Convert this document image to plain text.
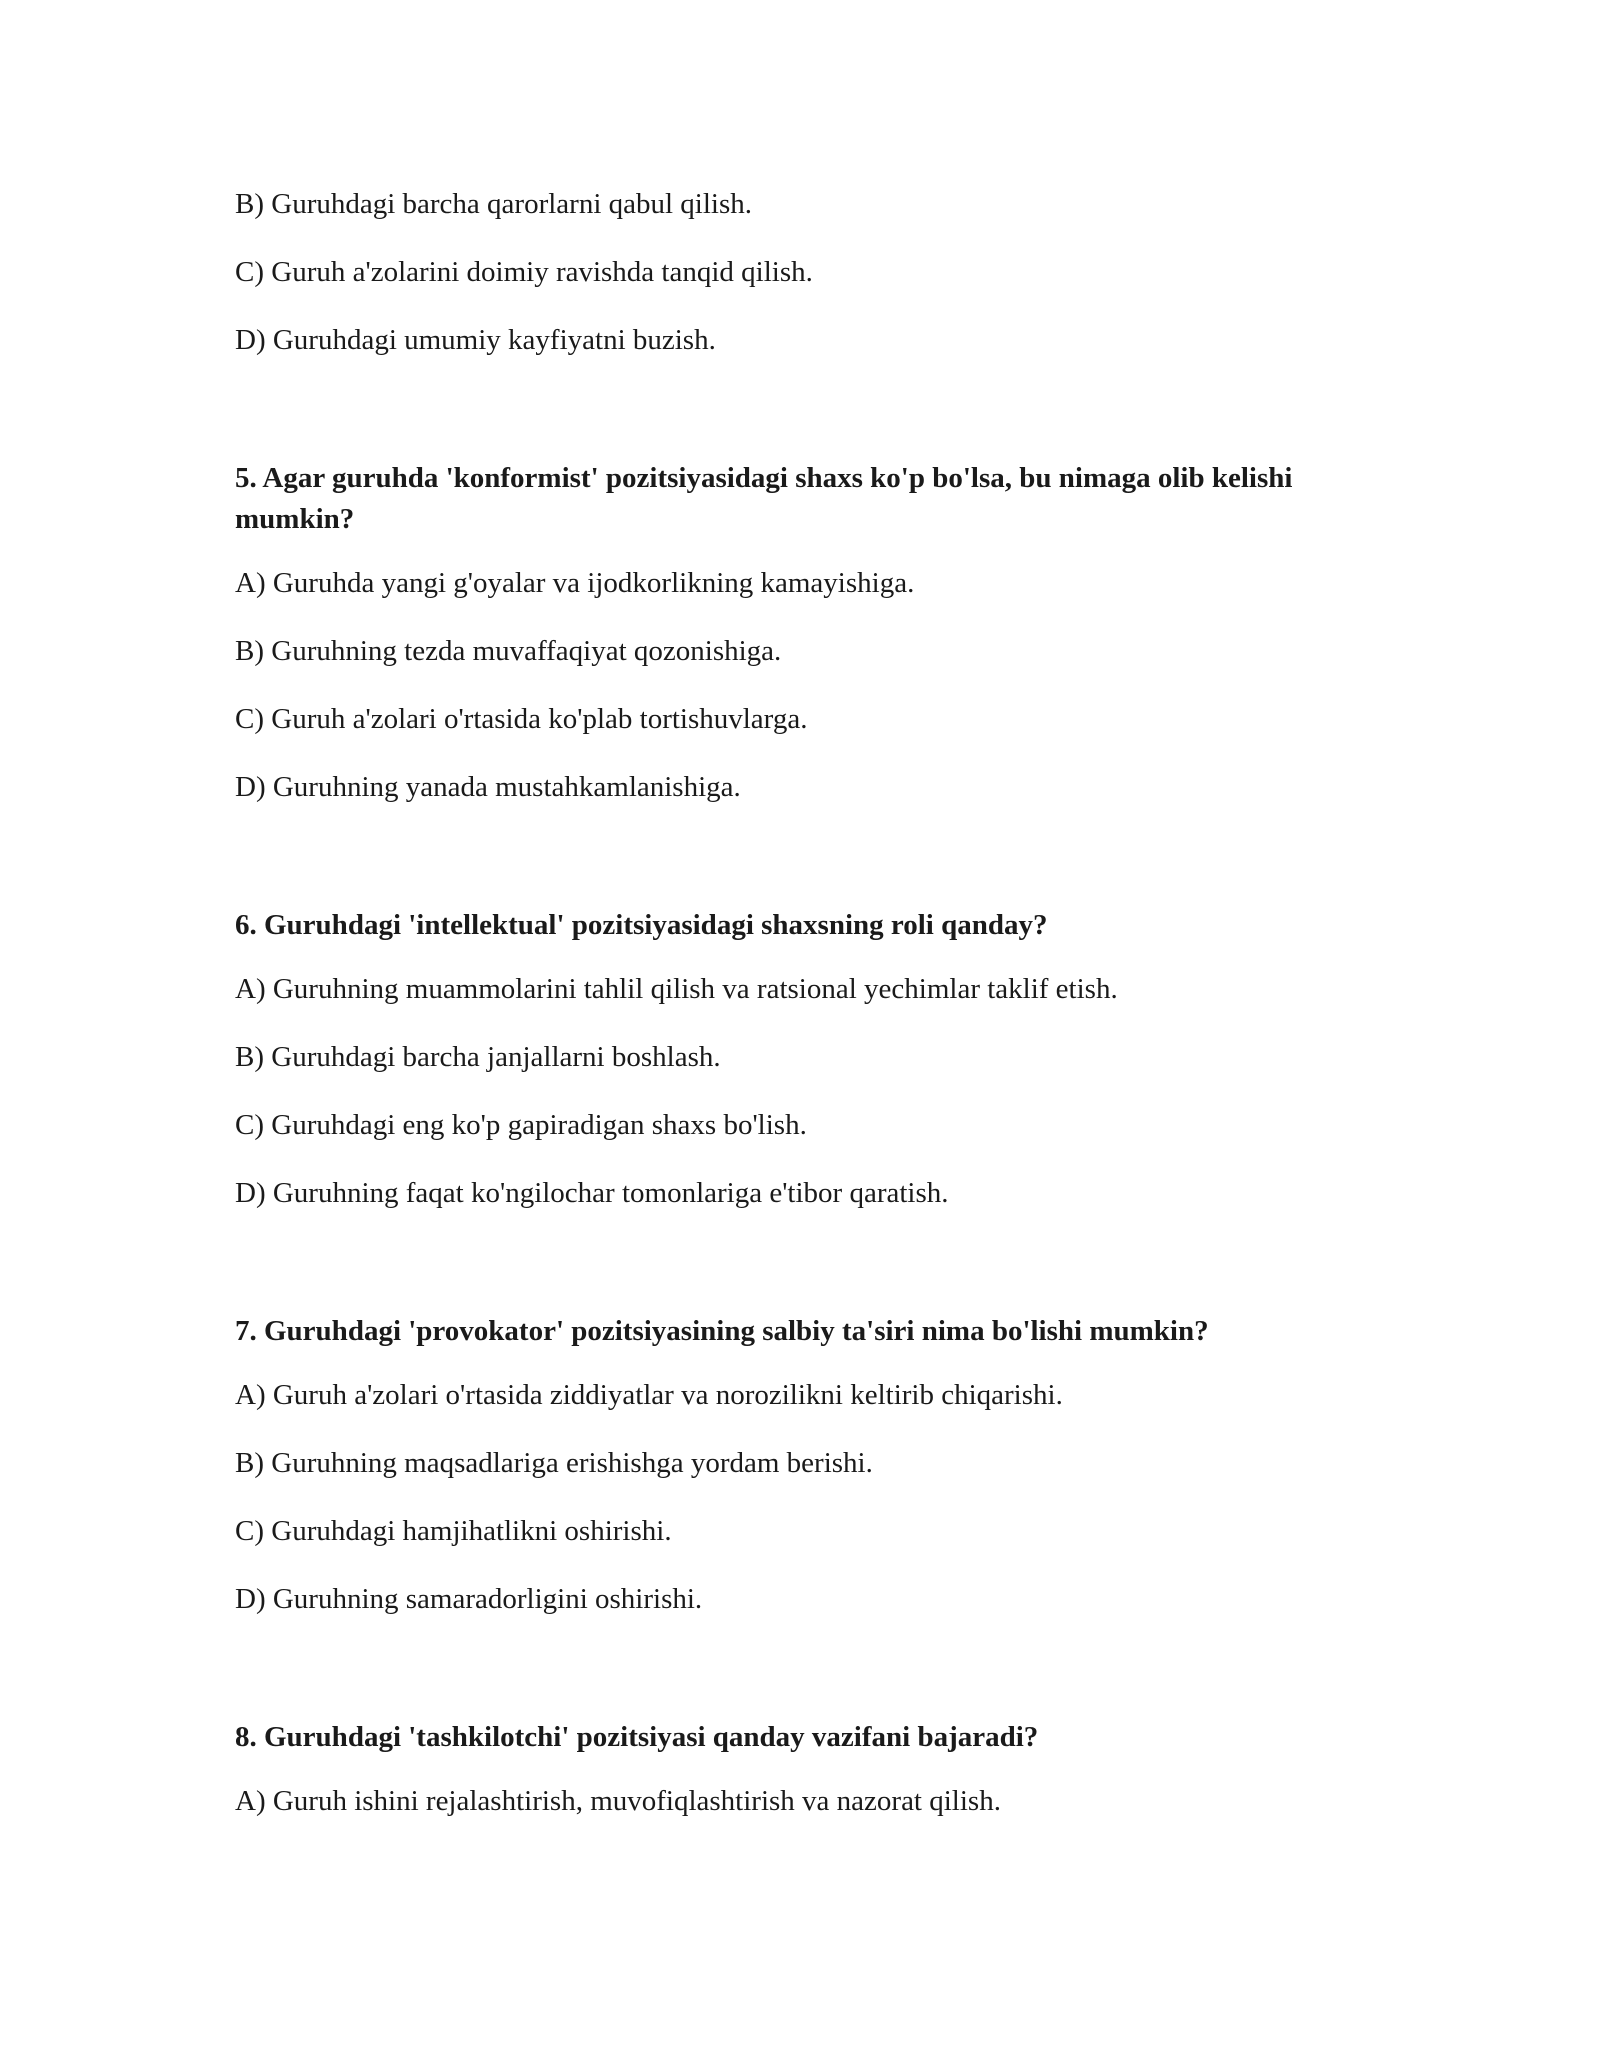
B) Guruhdagi barcha qarorlarni qabul qilish.
C) Guruh a'zolarini doimiy ravishda tanqid qilish.
D) Guruhdagi umumiy kayfiyatni buzish.
5. Agar guruhda 'konformist' pozitsiyasidagi shaxs ko'p bo'lsa, bu nimaga olib kelishi mumkin?
A) Guruhda yangi g'oyalar va ijodkorlikning kamayishiga.
B) Guruhning tezda muvaffaqiyat qozonishiga.
C) Guruh a'zolari o'rtasida ko'plab tortishuvlarga.
D) Guruhning yanada mustahkamlanishiga.
6. Guruhdagi 'intellektual' pozitsiyasidagi shaxsning roli qanday?
A) Guruhning muammolarini tahlil qilish va ratsional yechimlar taklif etish.
B) Guruhdagi barcha janjallarni boshlash.
C) Guruhdagi eng ko'p gapiradigan shaxs bo'lish.
D) Guruhning faqat ko'ngilochar tomonlariga e'tibor qaratish.
7. Guruhdagi 'provokator' pozitsiyasining salbiy ta'siri nima bo'lishi mumkin?
A) Guruh a'zolari o'rtasida ziddiyatlar va norozilikni keltirib chiqarishi.
B) Guruhning maqsadlariga erishishga yordam berishi.
C) Guruhdagi hamjihatlikni oshirishi.
D) Guruhning samaradorligini oshirishi.
8. Guruhdagi 'tashkilotchi' pozitsiyasi qanday vazifani bajaradi?
A) Guruh ishini rejalashtirish, muvofiqlashtirish va nazorat qilish.
